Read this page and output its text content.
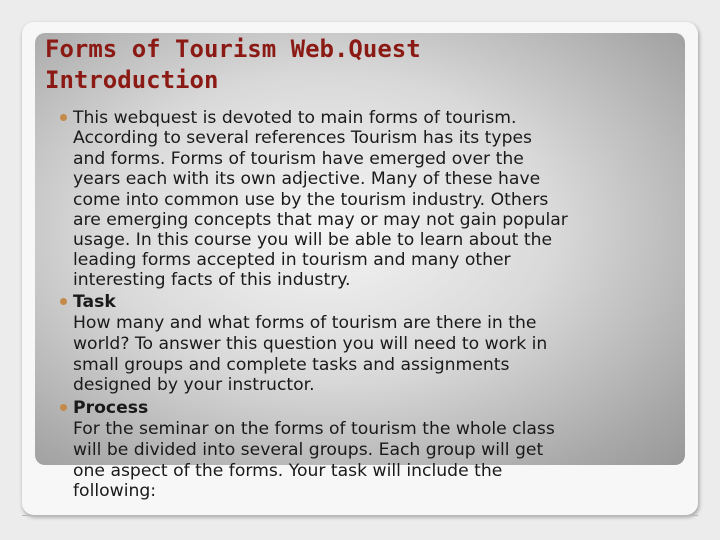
Forms of Tourism Web.Quest
Introduction

This webquest is devoted to main forms of tourism.

According to several references Tourism has its types

and forms. Forms of tourism have emerged over the

years each with its own adjective. Many of these have

come into common use by the tourism industry. Others

are emerging concepts that may or may not gain popular

usage. In this course you will be able to learn about the

leading forms accepted in tourism and many other

interesting facts of this industry.

Task

How many and what forms of tourism are there in the

world? To answer this question you will need to work in

small groups and complete tasks and assignments

designed by your instructor.

Process

For the seminar on the forms of tourism the whole class

will be divided into several groups. Each group will get

one aspect of the forms. Your task will include the

following:
